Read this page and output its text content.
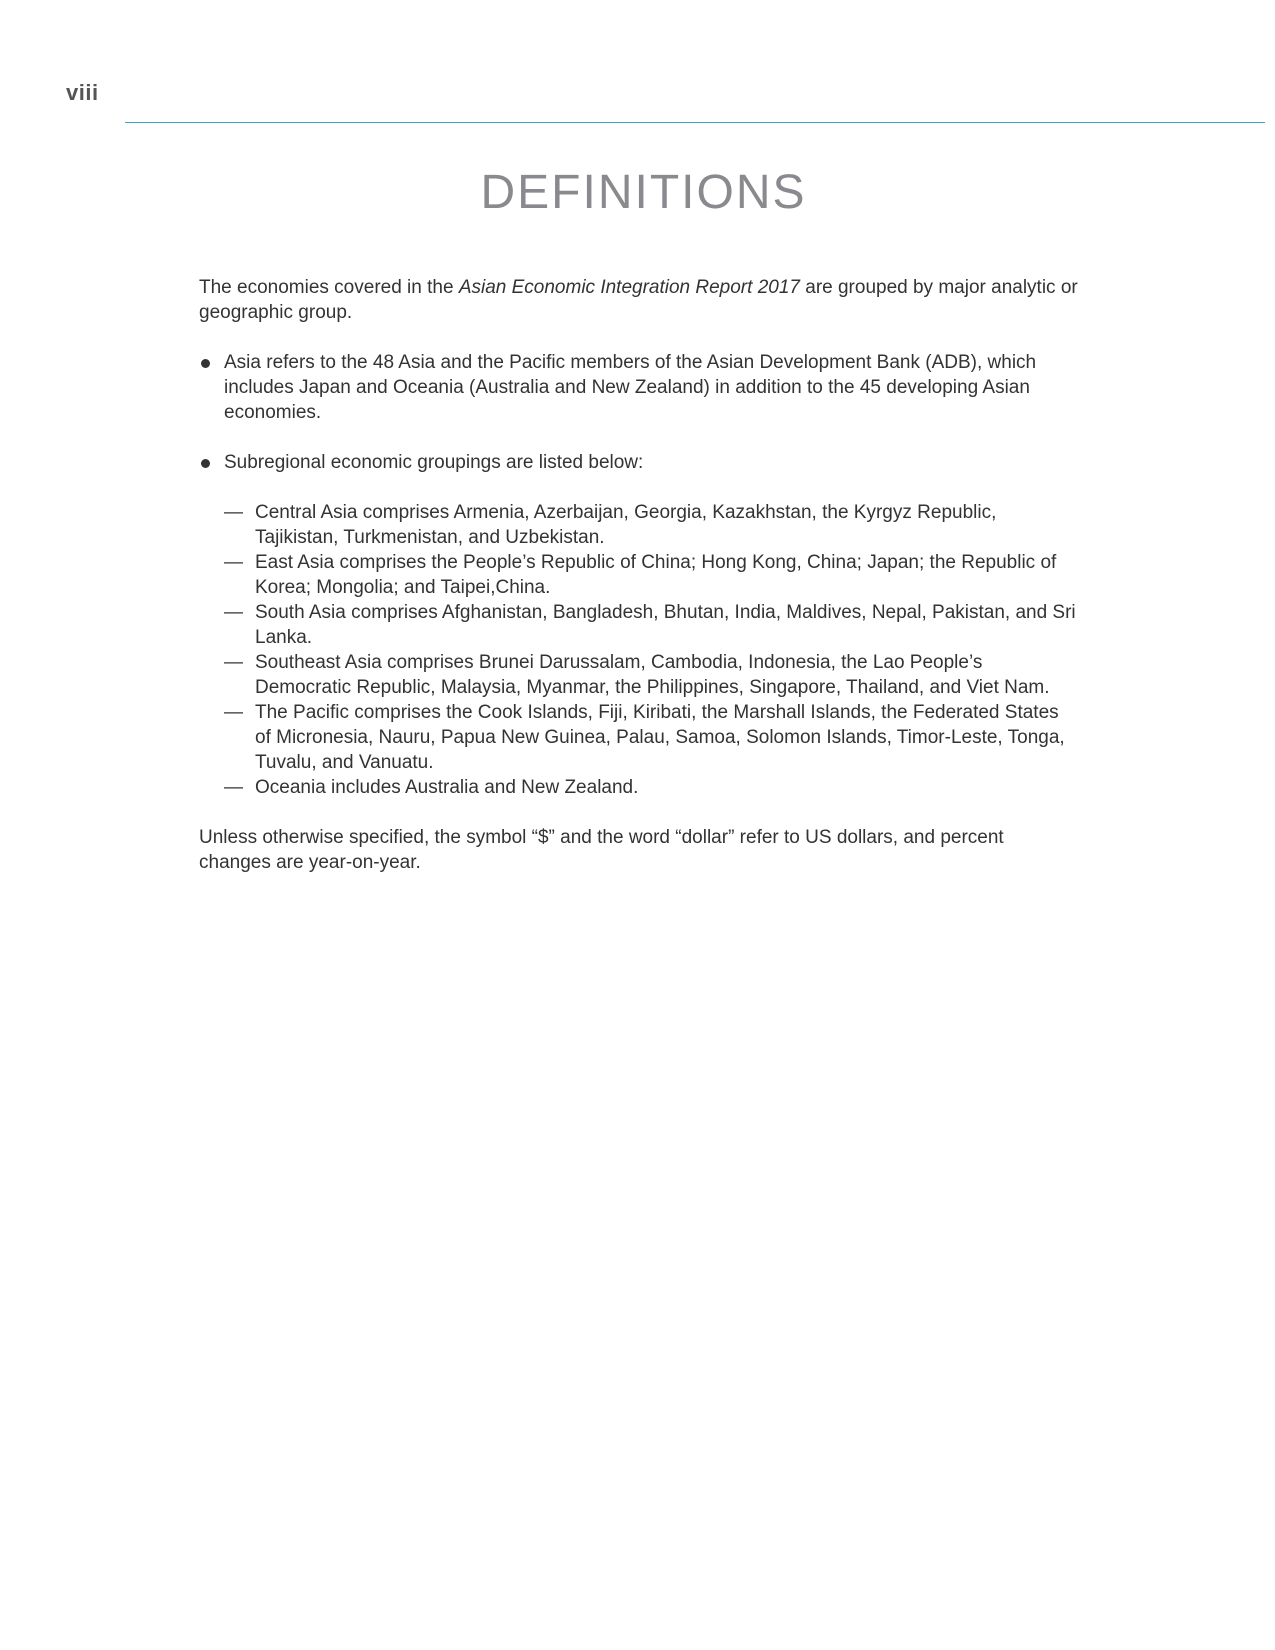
viii
DEFINITIONS

The economies covered in the Asian Economic Integration Report 2017 are grouped by major analytic or geographic group.

Asia refers to the 48 Asia and the Pacific members of the Asian Development Bank (ADB), which includes Japan and Oceania (Australia and New Zealand) in addition to the 45 developing Asian economies.
Subregional economic groupings are listed below:
— Central Asia comprises Armenia, Azerbaijan, Georgia, Kazakhstan, the Kyrgyz Republic, Tajikistan, Turkmenistan, and Uzbekistan.
— East Asia comprises the People’s Republic of China; Hong Kong, China; Japan; the Republic of Korea; Mongolia; and Taipei,China.
— South Asia comprises Afghanistan, Bangladesh, Bhutan, India, Maldives, Nepal, Pakistan, and Sri Lanka.
— Southeast Asia comprises Brunei Darussalam, Cambodia, Indonesia, the Lao People’s Democratic Republic, Malaysia, Myanmar, the Philippines, Singapore, Thailand, and Viet Nam.
— The Pacific comprises the Cook Islands, Fiji, Kiribati, the Marshall Islands, the Federated States of Micronesia, Nauru, Papua New Guinea, Palau, Samoa, Solomon Islands, Timor-Leste, Tonga, Tuvalu, and Vanuatu.
— Oceania includes Australia and New Zealand.

Unless otherwise specified, the symbol “$” and the word “dollar” refer to US dollars, and percent changes are year-on-year.
